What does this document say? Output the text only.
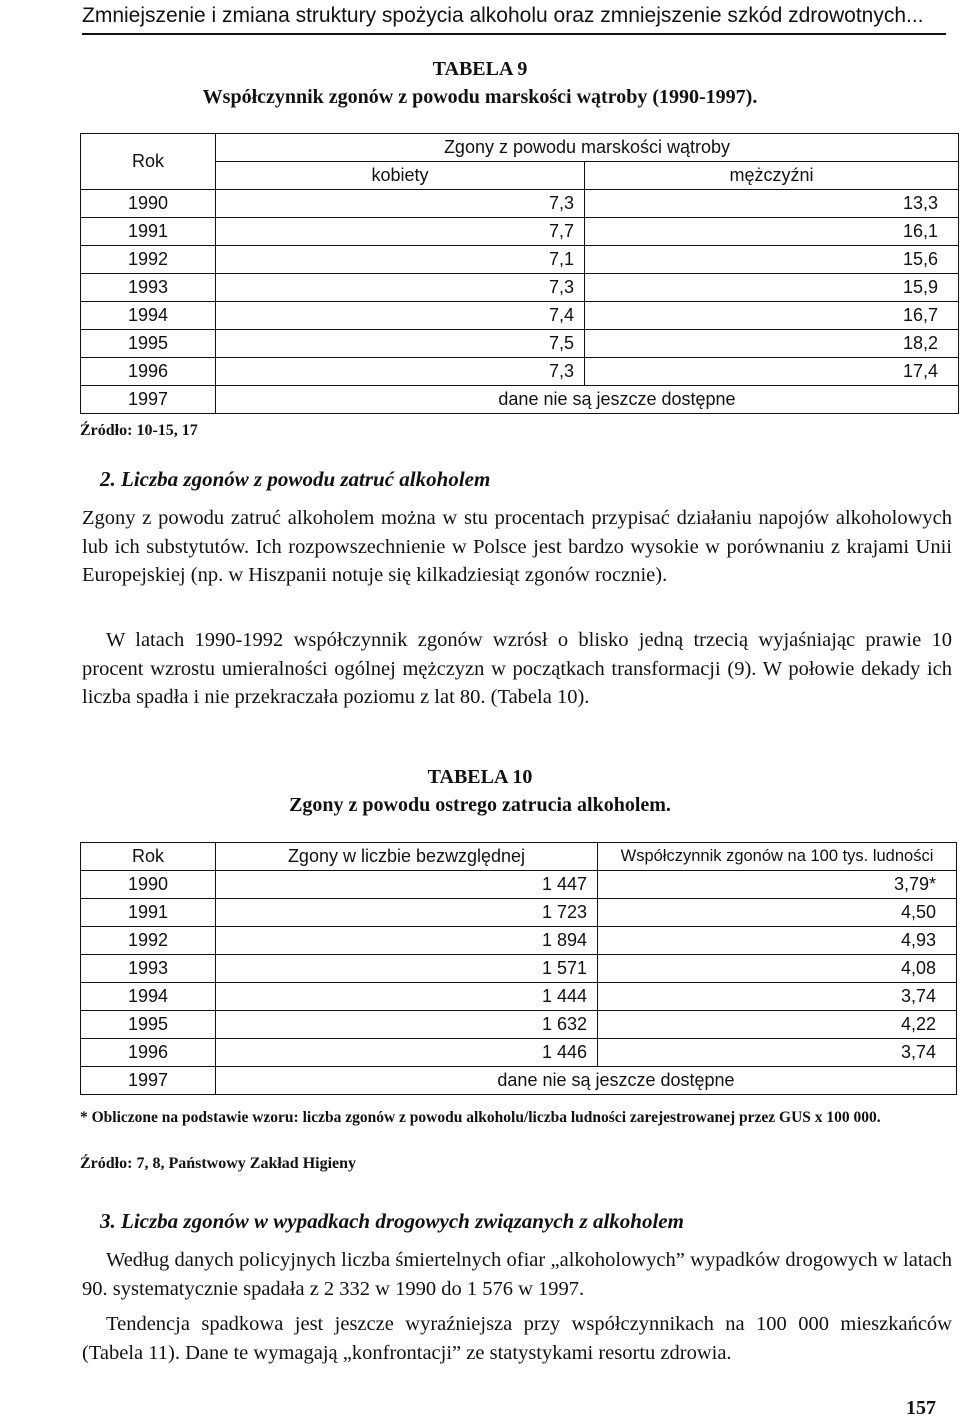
Zmniejszenie i zmiana struktury spożycia alkoholu oraz zmniejszenie szkód zdrowotnych...
TABELA 9
Współczynnik zgonów z powodu marskości wątroby (1990-1997).
Rok	Zgony z powodu marskości wątroby	
	kobiety	mężczyźni
1990	7,3	13,3
1991	7,7	16,1
1992	7,1	15,6
1993	7,3	15,9
1994	7,4	16,7
1995	7,5	18,2
1996	7,3	17,4
1997	dane nie są jeszcze dostępne	
Źródło: 10-15, 17
2. Liczba zgonów z powodu zatruć alkoholem

Zgony z powodu zatruć alkoholem można w stu procentach przypisać działaniu napojów alkoholowych lub ich substytutów. Ich rozpowszechnienie w Polsce jest bardzo wysokie w porównaniu z krajami Unii Europejskiej (np. w Hiszpanii notuje się kilkadziesiąt zgonów rocznie).

W latach 1990-1992 współczynnik zgonów wzrósł o blisko jedną trzecią wyjaśniając prawie 10 procent wzrostu umieralności ogólnej mężczyzn w początkach transformacji (9). W połowie dekady ich liczba spadła i nie przekraczała poziomu z lat 80. (Tabela 10).

TABELA 10
Zgony z powodu ostrego zatrucia alkoholem.
Rok	Zgony w liczbie bezwzględnej	Współczynnik zgonów na 100 tys. ludności
1990	1 447	3,79*
1991	1 723	4,50
1992	1 894	4,93
1993	1 571	4,08
1994	1 444	3,74
1995	1 632	4,22
1996	1 446	3,74
1997	dane nie są jeszcze dostępne	

* Obliczone na podstawie wzoru: liczba zgonów z powodu alkoholu/liczba ludności zarejestrowanej przez GUS x 100 000.

Źródło: 7, 8, Państwowy Zakład Higieny
3. Liczba zgonów w wypadkach drogowych związanych z alkoholem

Według danych policyjnych liczba śmiertelnych ofiar „alkoholowych” wypadków drogowych w latach 90. systematycznie spadała z 2 332 w 1990 do 1 576 w 1997.

Tendencja spadkowa jest jeszcze wyraźniejsza przy współczynnikach na 100 000 mieszkańców (Tabela 11). Dane te wymagają „konfrontacji” ze statystykami resortu zdrowia.

157
